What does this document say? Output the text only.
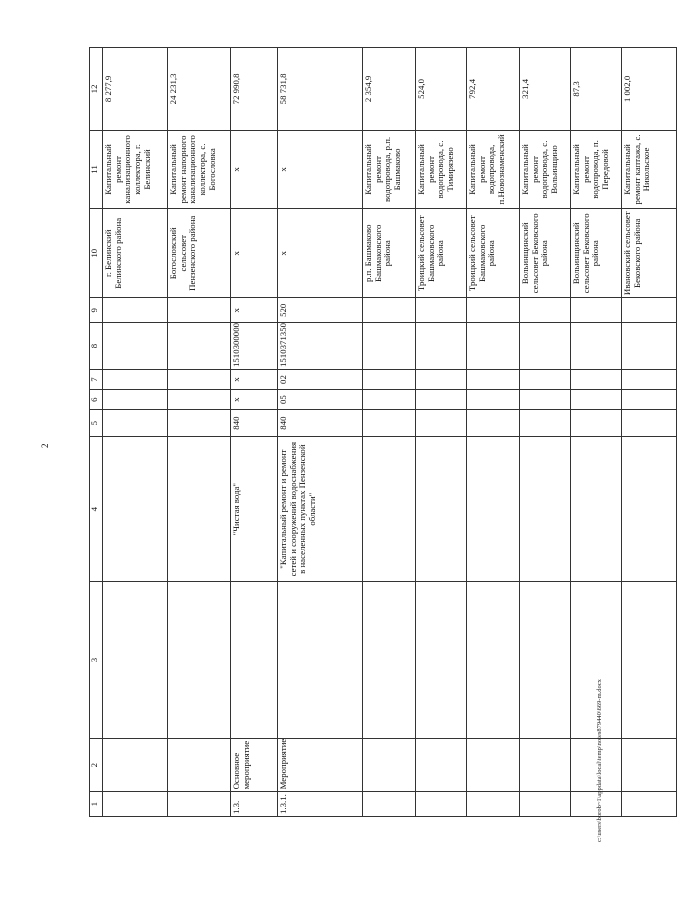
2
1	2	3	4	5	6	7	8	9	10	11	12
									г. Белинский Белинского района	Капитальный ремонт канализационного коллектора, г. Белинский	8 277,9
									Богословский сельсовет Пензенского района	Капитальный ремонт напорного канализационного коллектора, с. Богословка	24 231,3
1.3.	Основное мероприятие		"Чистая вода"	840	х	х	1510300000	х	х	х	72 990,8
1.3.1.	Мероприятие		"Капитальный ремонт и ремонт сетей и сооружений водоснабжения в населенных пунктах Пензенской области"	840	05	02	1510371350	520	х	х	58 731,8
									р.п. Башмаково Башмаковского района	Капитальный ремонт водопровода, р.п. Башмаково	2 354,9
									Троицкий сельсовет Башмаковского района	Капитальный ремонт водопровода, с. Тимирязево	524,0
									Троицкий сельсовет Башмаковского района	Капитальный ремонт водопровода, п.Новознаменский	792,4
									Вольинщинский сельсовет Бековского района	Капитальный ремонт водопровода, с. Вольинщино	321,4
									Вольинщинский сельсовет Бековского района	Капитальный ремонт водопровода, п. Передовой	87,3
									Ивановский сельсовет Бековского района	Капитальный ремонт каптажа, с. Никольское	1 002,0
c:\users\borob~1\appdata\local\temp\notes879440\669-m.docx
